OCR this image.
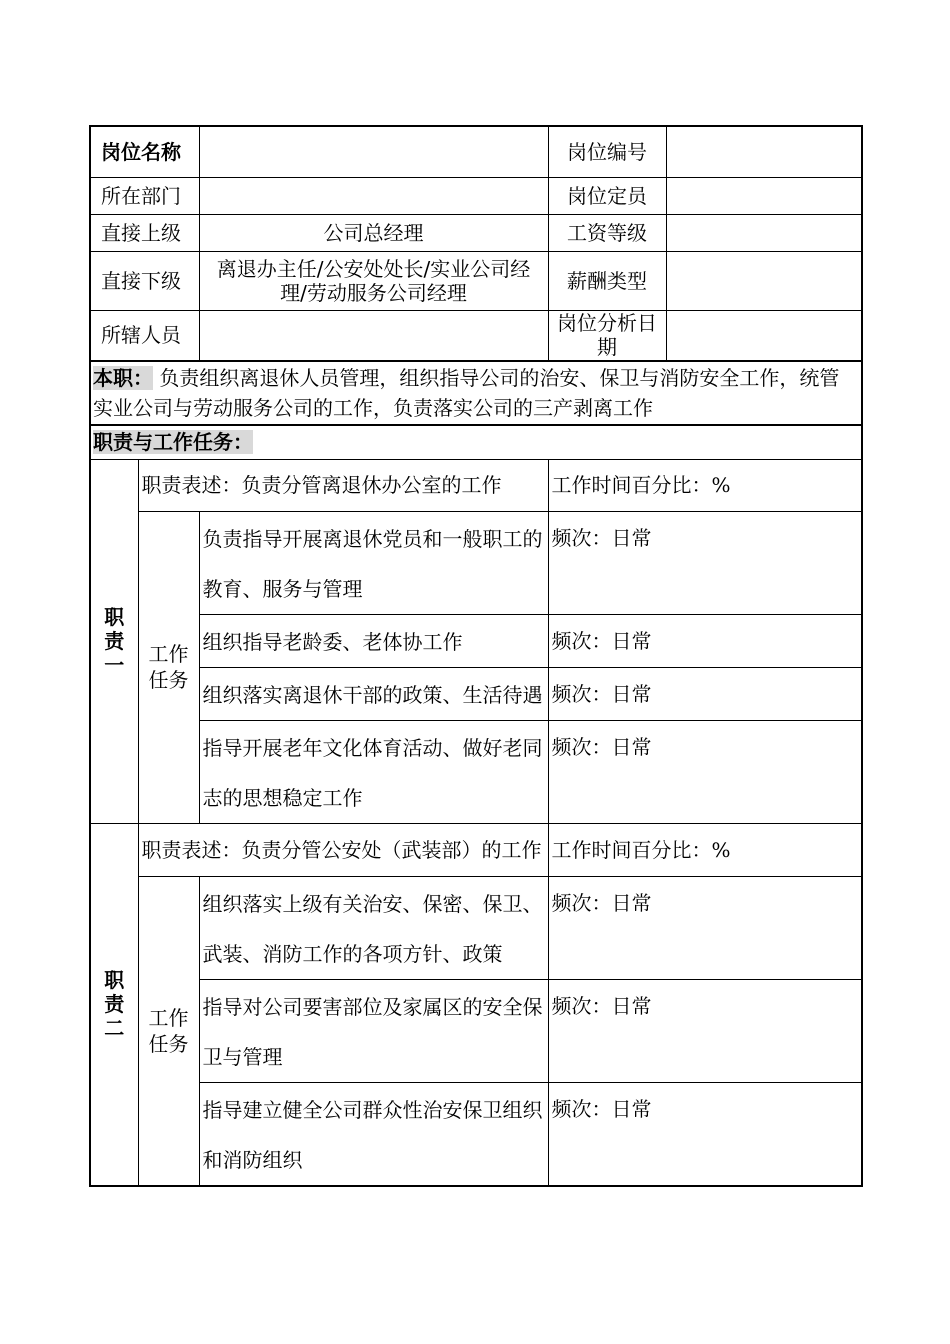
岗位名称			岗位编号	
所在部门			岗位定员	
直接上级		公司总经理	工资等级	
直接下级		离退办主任/公安处处长/实业公司经理/劳动服务公司经理	薪酬类型	
所辖人员			岗位分析日期	
本职： 负责组织离退休人员管理，组织指导公司的治安、保卫与消防安全工作，统管实业公司与劳动服务公司的工作，负责落实公司的三产剥离工作				
职责与工作任务：				

职责一	职责表述：负责分管离退休办公室的工作		工作时间百分比：%	

	工作任务	负责指导开展离退休党员和一般职工的教育、服务与管理	频次：日常	
		组织指导老龄委、老体协工作	频次：日常	
		组织落实离退休干部的政策、生活待遇	频次：日常	
		指导开展老年文化体育活动、做好老同志的思想稳定工作	频次：日常	

职责二	职责表述：负责分管公安处（武装部）的工作		工作时间百分比：%	

	工作任务	组织落实上级有关治安、保密、保卫、武装、消防工作的各项方针、政策	频次：日常	
		指导对公司要害部位及家属区的安全保卫与管理	频次：日常	
		指导建立健全公司群众性治安保卫组织和消防组织	频次：日常	
